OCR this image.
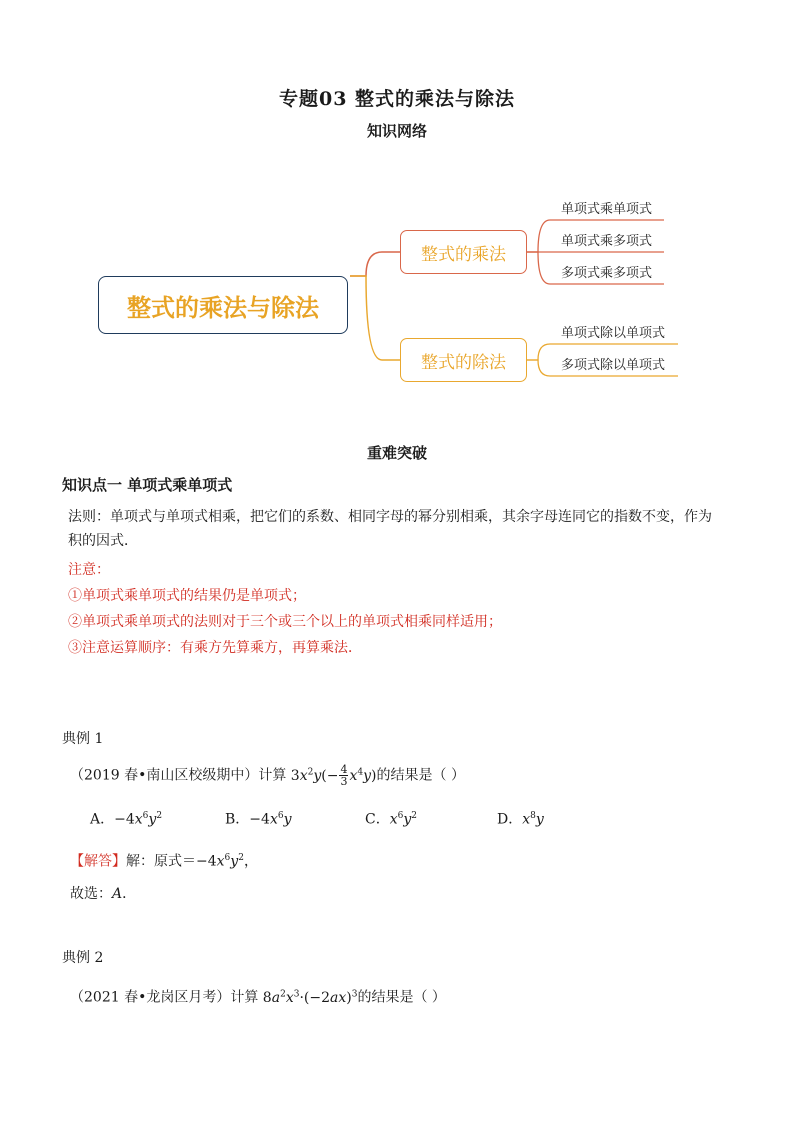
专题03 整式的乘法与除法
知识网络
整式的乘法与除法
整式的乘法
整式的除法
单项式乘单项式
单项式乘多项式
多项式乘多项式
单项式除以单项式
多项式除以单项式
重难突破
知识点一 单项式乘单项式
法则：单项式与单项式相乘，把它们的系数、相同字母的幂分别相乘，其余字母连同它的指数不变，作为
积的因式．
注意：
①单项式乘单项式的结果仍是单项式；
②单项式乘单项式的法则对于三个或三个以上的单项式相乘同样适用；
③注意运算顺序：有乘方先算乘方，再算乘法．
典例 1
（2019 春•南山区校级期中）计算 $3x^2y(- \frac{4}{3} x^4y)$的结果是（ ）
A．$-4x^6y^2$	B．$-4x^6y$	C．$x^6y^2$	D．$x^8y$
【解答】解：原式$=-4x^6y^2$，
故选：A．
典例 2
（2021 春•龙岗区月考）计算 $8a^2x^3\cdot(-2ax)^3$的结果是（ ）
